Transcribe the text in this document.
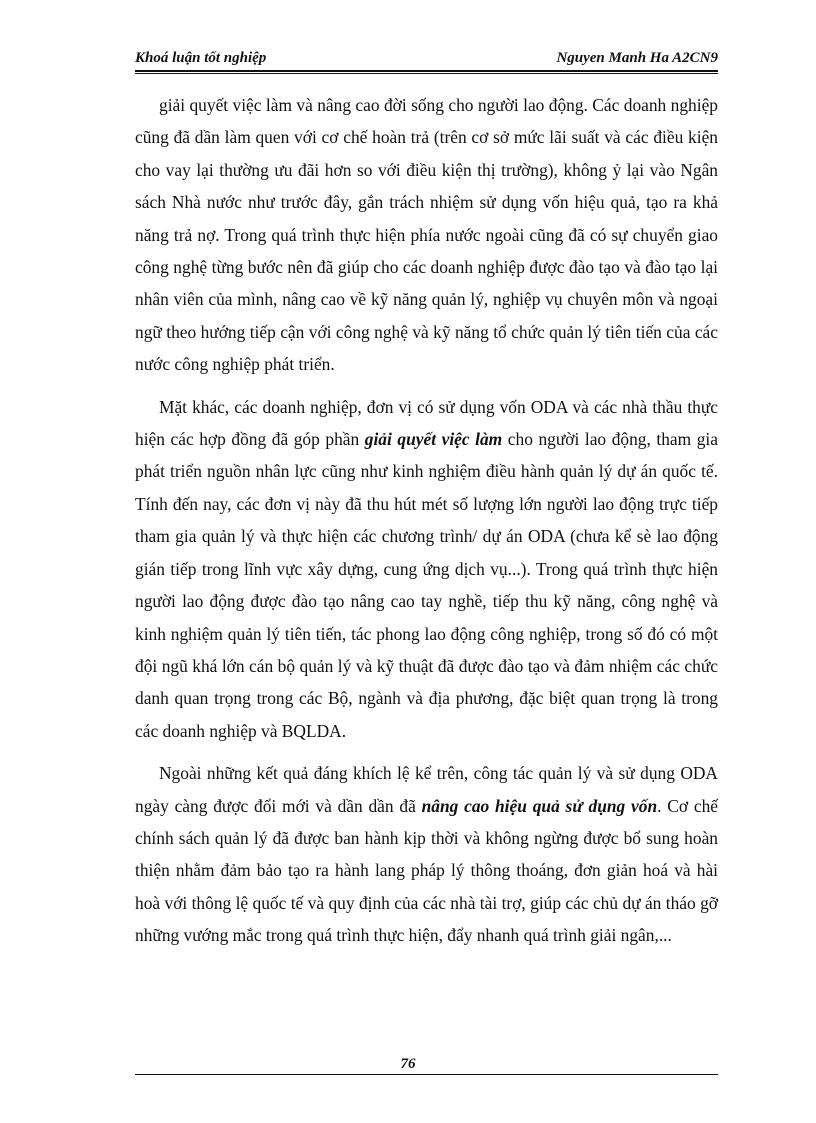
Khoá luận tốt nghiệp	Nguyen Manh Ha A2CN9

giải quyết việc làm và nâng cao đời sống cho người lao động. Các doanh nghiệp cũng đã dần làm quen với cơ chế hoàn trả (trên cơ sở mức lãi suất và các điều kiện cho vay lại thường ưu đãi hơn so với điều kiện thị trường), không ỷ lại vào Ngân sách Nhà nước như trước đây, gắn trách nhiệm sử dụng vốn hiệu quả, tạo ra khả năng trả nợ. Trong quá trình thực hiện phía nước ngoài cũng đã có sự chuyển giao công nghệ từng bước nên đã giúp cho các doanh nghiệp được đào tạo và đào tạo lại nhân viên của mình, nâng cao về kỹ năng quản lý, nghiệp vụ chuyên môn và ngoại ngữ theo hướng tiếp cận với công nghệ và kỹ năng tổ chức quản lý tiên tiến của các nước công nghiệp phát triển.

Mặt khác, các doanh nghiệp, đơn vị có sử dụng vốn ODA và các nhà thầu thực hiện các hợp đồng đã góp phần giải quyết việc làm cho người lao động, tham gia phát triển nguồn nhân lực cũng như kinh nghiệm điều hành quản lý dự án quốc tế. Tính đến nay, các đơn vị này đã thu hút mét số lượng lớn người lao động trực tiếp tham gia quản lý và thực hiện các chương trình/ dự án ODA (chưa kể sè lao động gián tiếp trong lĩnh vực xây dựng, cung ứng dịch vụ...). Trong quá trình thực hiện người lao động được đào tạo nâng cao tay nghề, tiếp thu kỹ năng, công nghệ và kinh nghiệm quản lý tiên tiến, tác phong lao động công nghiệp, trong số đó có một đội ngũ khá lớn cán bộ quản lý và kỹ thuật đã được đào tạo và đảm nhiệm các chức danh quan trọng trong các Bộ, ngành và địa phương, đặc biệt quan trọng là trong các doanh nghiệp và BQLDA.

Ngoài những kết quả đáng khích lệ kể trên, công tác quản lý và sử dụng ODA ngày càng được đổi mới và dần dần đã nâng cao hiệu quả sử dụng vốn. Cơ chế chính sách quản lý đã được ban hành kịp thời và không ngừng được bổ sung hoàn thiện nhằm đảm bảo tạo ra hành lang pháp lý thông thoáng, đơn giản hoá và hài hoà với thông lệ quốc tế và quy định của các nhà tài trợ, giúp các chủ dự án tháo gỡ những vướng mắc trong quá trình thực hiện, đẩy nhanh quá trình giải ngân,...

76
